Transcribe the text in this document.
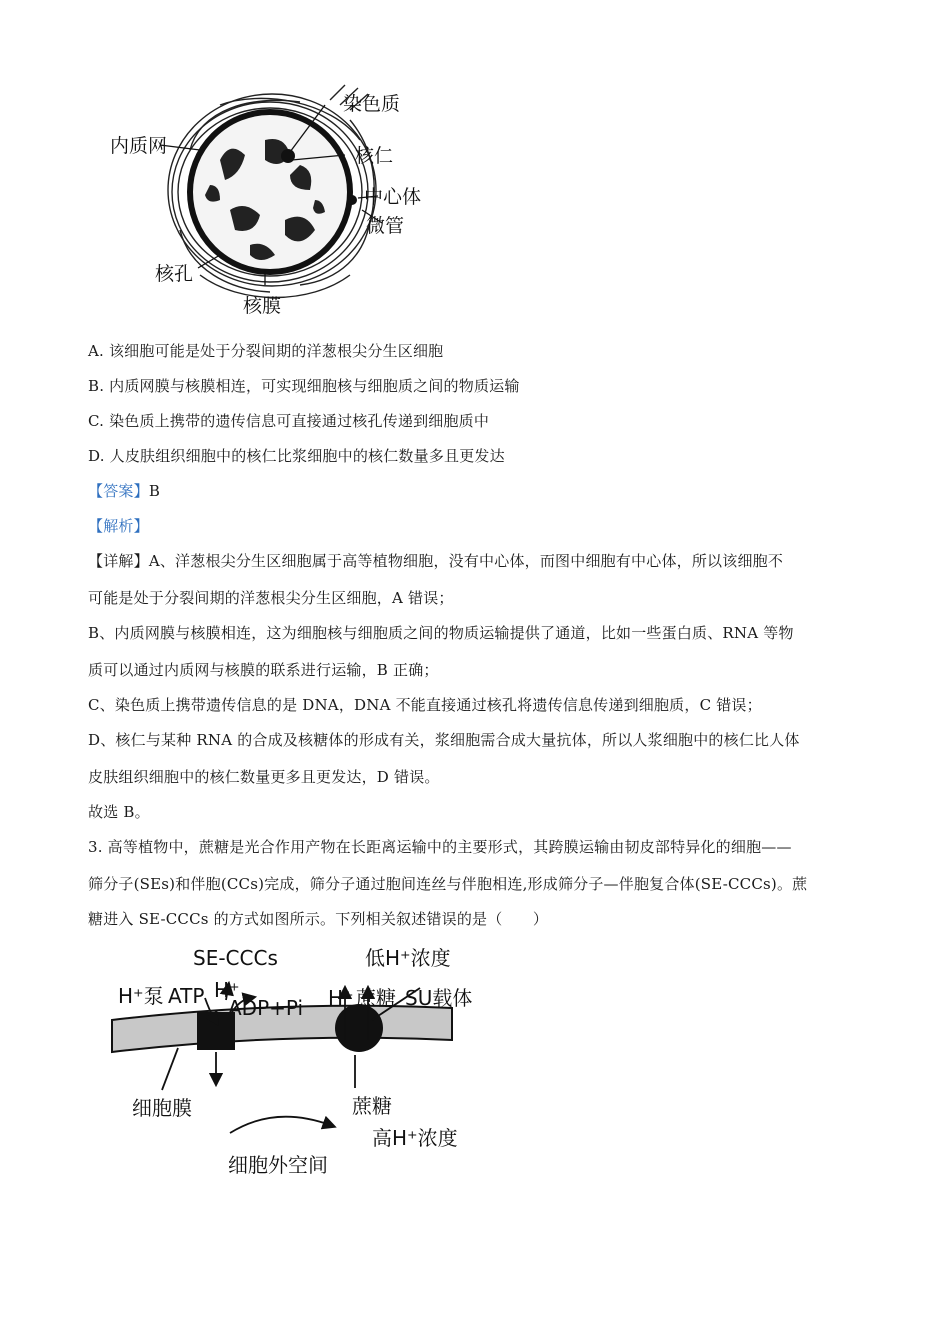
染色质
内质网	核仁
中心体
微管
核孔
核膜
A. 该细胞可能是处于分裂间期的洋葱根尖分生区细胞
B. 内质网膜与核膜相连，可实现细胞核与细胞质之间的物质运输
C. 染色质上携带的遗传信息可直接通过核孔传递到细胞质中
D. 人皮肤组织细胞中的核仁比浆细胞中的核仁数量多且更发达
【答案】B
【解析】
【详解】A、洋葱根尖分生区细胞属于高等植物细胞，没有中心体，而图中细胞有中心体，所以该细胞不
可能是处于分裂间期的洋葱根尖分生区细胞，A 错误；
B、内质网膜与核膜相连，这为细胞核与细胞质之间的物质运输提供了通道，比如一些蛋白质、RNA 等物
质可以通过内质网与核膜的联系进行运输，B 正确；
C、染色质上携带遗传信息的是 DNA，DNA 不能直接通过核孔将遗传信息传递到细胞质，C 错误；
D、核仁与某种 RNA 的合成及核糖体的形成有关，浆细胞需合成大量抗体，所以人浆细胞中的核仁比人体
皮肤组织细胞中的核仁数量更多且更发达，D 错误。
故选 B。
3. 高等植物中，蔗糖是光合作用产物在长距离运输中的主要形式，其跨膜运输由韧皮部特异化的细胞——
筛分子(SEs)和伴胞(CCs)完成，筛分子通过胞间连丝与伴胞相连,形成筛分子—伴胞复合体(SE-CCCs)。蔗
糖进入 SE-CCCs 的方式如图所示。下列相关叙述错误的是（　　）
SE-CCCs	低H⁺浓度
H⁺泵 ATP H⁺
ADP+Pi H⁺ 蔗糖 SU载体
细胞膜	蔗糖
高H⁺浓度
细胞外空间
